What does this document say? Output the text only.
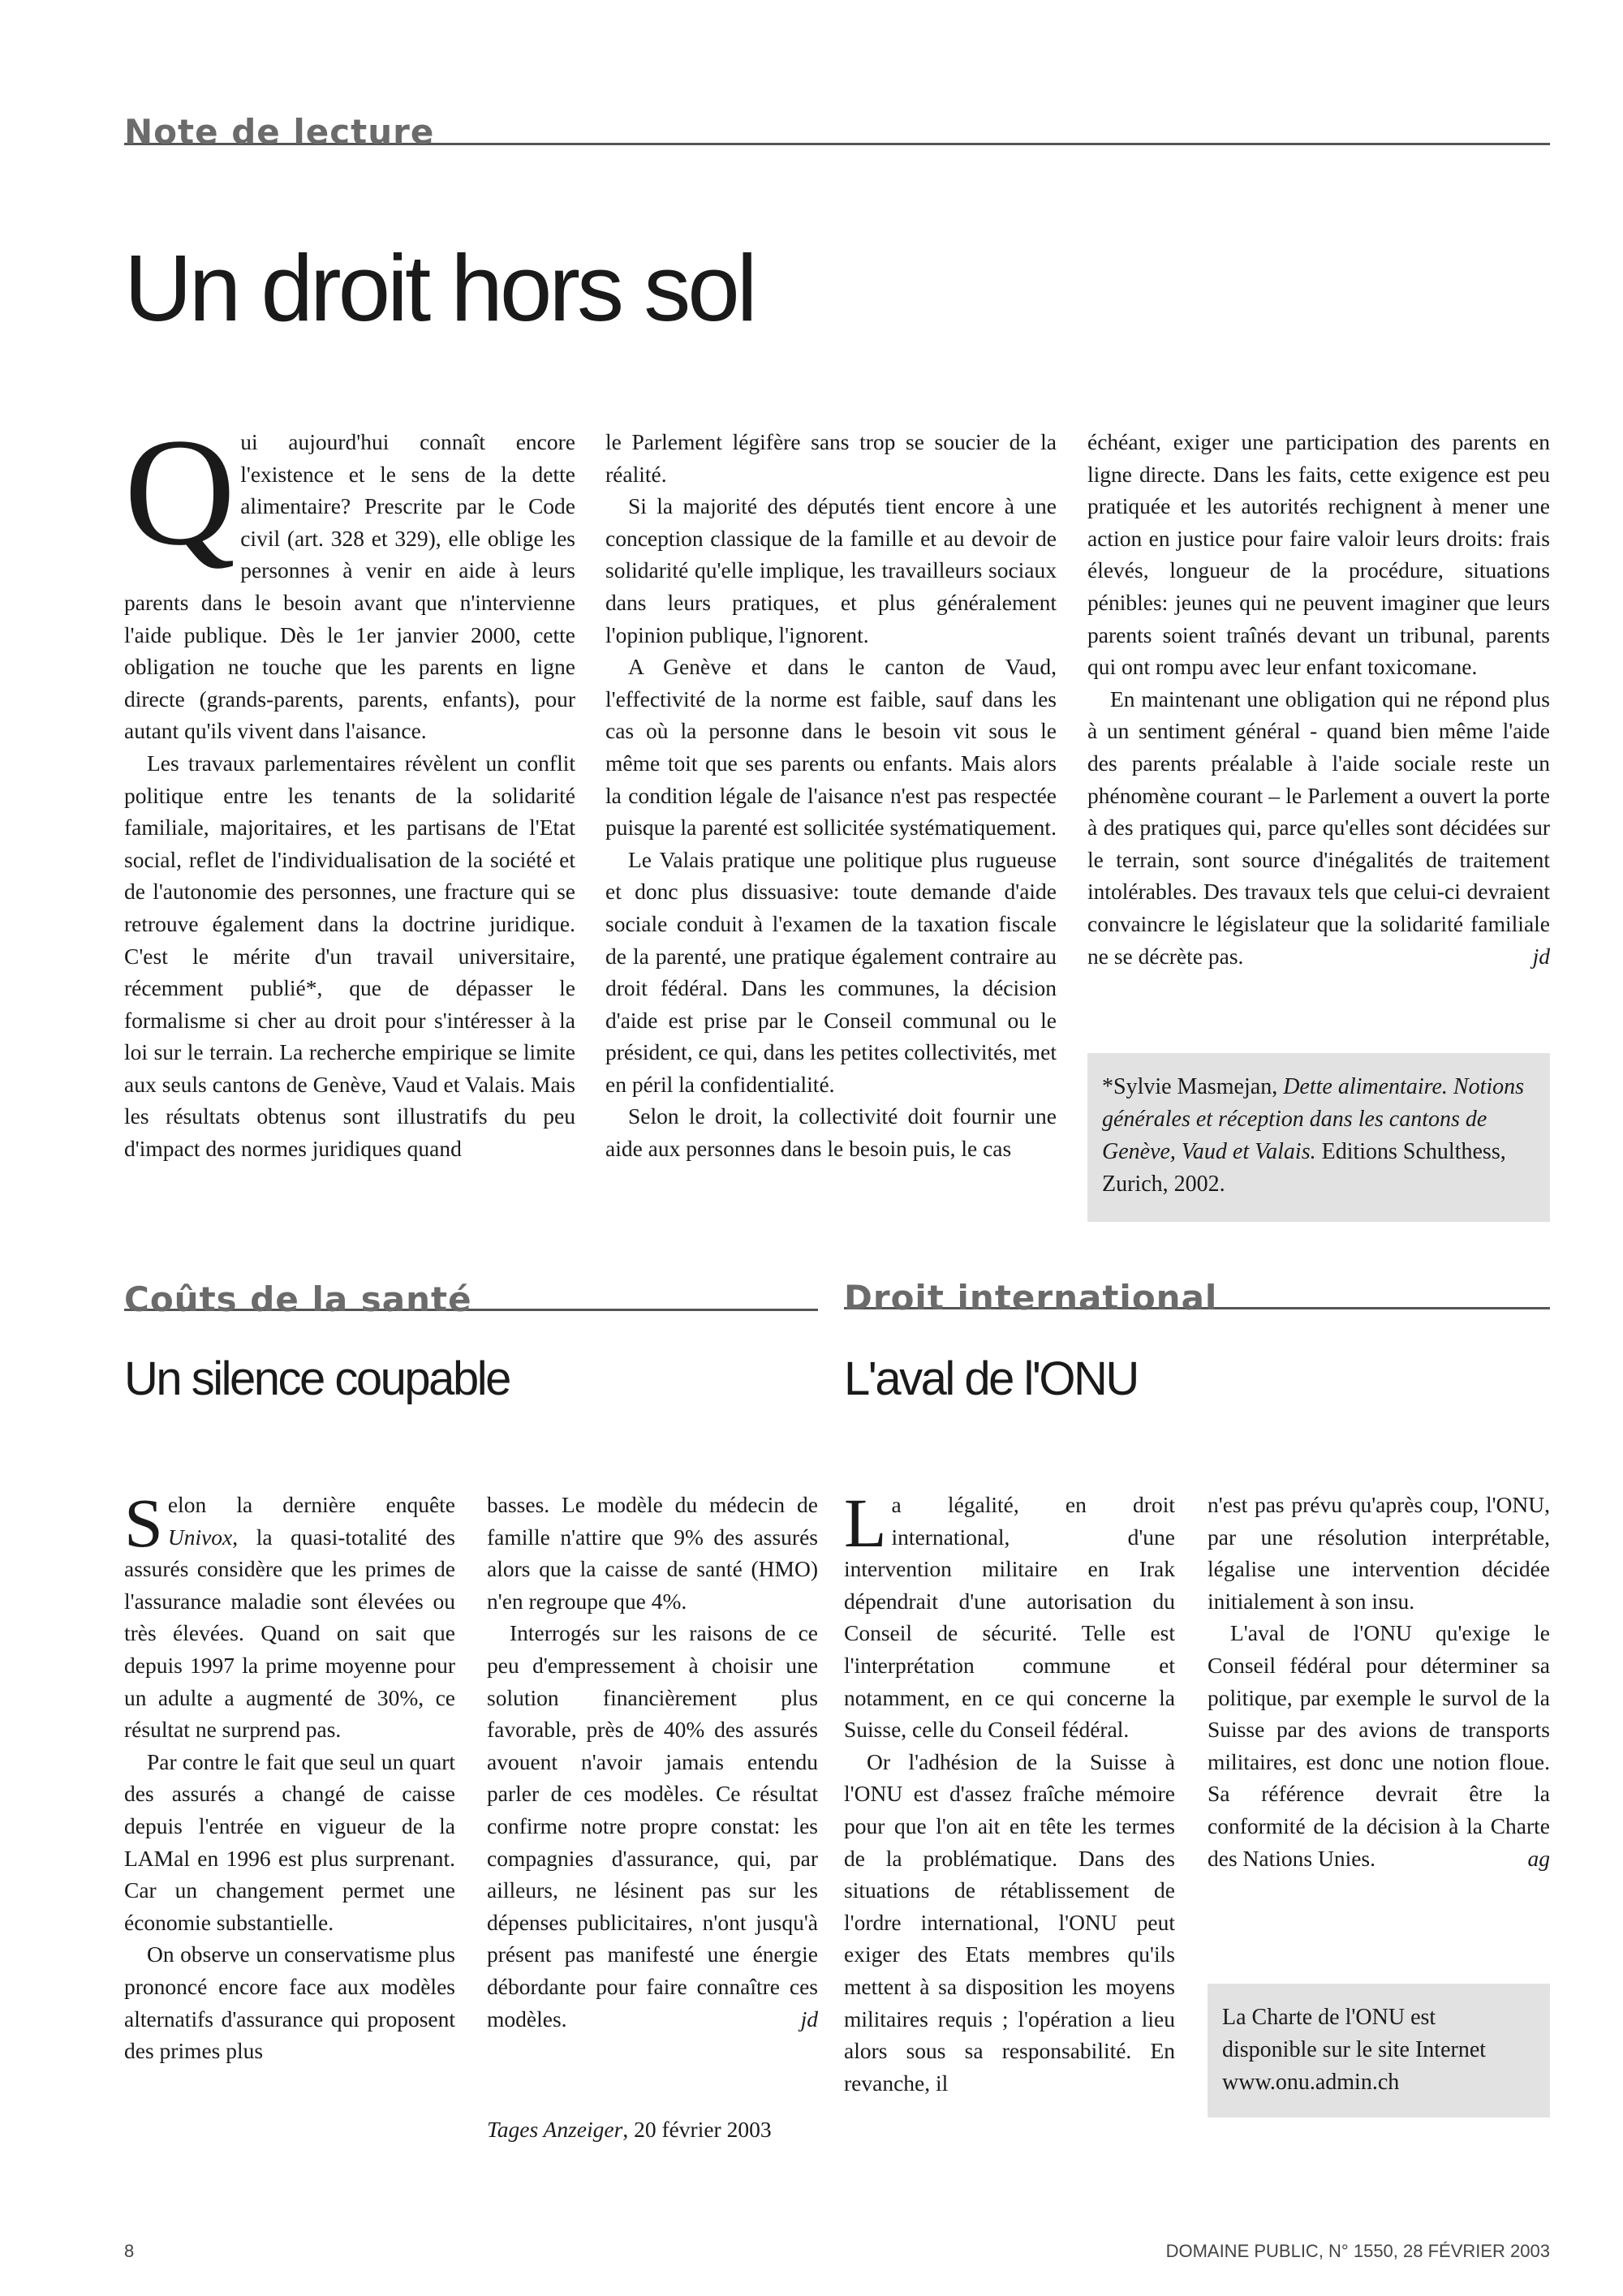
Note de lecture
Un droit hors sol

Qui aujourd'hui connaît encore l'existence et le sens de la dette alimentaire? Prescrite par le Code civil (art. 328 et 329), elle oblige les personnes à venir en aide à leurs parents dans le besoin avant que n'intervienne l'aide publique. Dès le 1er janvier 2000, cette obligation ne touche que les parents en ligne directe (grands-parents, parents, enfants), pour autant qu'ils vivent dans l'aisance.

Les travaux parlementaires révèlent un conflit politique entre les tenants de la solidarité familiale, majoritaires, et les partisans de l'Etat social, reflet de l'individualisation de la société et de l'autonomie des personnes, une fracture qui se retrouve également dans la doctrine juridique. C'est le mérite d'un travail universitaire, récemment publié*, que de dépasser le formalisme si cher au droit pour s'intéresser à la loi sur le terrain. La recherche empirique se limite aux seuls cantons de Genève, Vaud et Valais. Mais les résultats obtenus sont illustratifs du peu d'impact des normes juridiques quand

le Parlement légifère sans trop se soucier de la réalité.

Si la majorité des députés tient encore à une conception classique de la famille et au devoir de solidarité qu'elle implique, les travailleurs sociaux dans leurs pratiques, et plus généralement l'opinion publique, l'ignorent.

A Genève et dans le canton de Vaud, l'effectivité de la norme est faible, sauf dans les cas où la personne dans le besoin vit sous le même toit que ses parents ou enfants. Mais alors la condition légale de l'aisance n'est pas respectée puisque la parenté est sollicitée systématiquement.

Le Valais pratique une politique plus rugueuse et donc plus dissuasive: toute demande d'aide sociale conduit à l'examen de la taxation fiscale de la parenté, une pratique également contraire au droit fédéral. Dans les communes, la décision d'aide est prise par le Conseil communal ou le président, ce qui, dans les petites collectivités, met en péril la confidentialité.

Selon le droit, la collectivité doit fournir une aide aux personnes dans le besoin puis, le cas

échéant, exiger une participation des parents en ligne directe. Dans les faits, cette exigence est peu pratiquée et les autorités rechignent à mener une action en justice pour faire valoir leurs droits: frais élevés, longueur de la procédure, situations pénibles: jeunes qui ne peuvent imaginer que leurs parents soient traînés devant un tribunal, parents qui ont rompu avec leur enfant toxicomane.

En maintenant une obligation qui ne répond plus à un sentiment général - quand bien même l'aide des parents préalable à l'aide sociale reste un phénomène courant – le Parlement a ouvert la porte à des pratiques qui, parce qu'elles sont décidées sur le terrain, sont source d'inégalités de traitement intolérables. Des travaux tels que celui-ci devraient convaincre le législateur que la solidarité familiale ne se décrète pas.	jd

*Sylvie Masmejan, Dette alimentaire. Notions générales et réception dans les cantons de Genève, Vaud et Valais. Editions Schulthess, Zurich, 2002.
Coûts de la santé	Droit international
Un silence coupable	L'aval de l'ONU

Selon la dernière enquête Univox, la quasi-totalité des assurés considère que les primes de l'assurance maladie sont élevées ou très élevées. Quand on sait que depuis 1997 la prime moyenne pour un adulte a augmenté de 30%, ce résultat ne surprend pas.

Par contre le fait que seul un quart des assurés a changé de caisse depuis l'entrée en vigueur de la LAMal en 1996 est plus surprenant. Car un changement permet une économie substantielle.

On observe un conservatisme plus prononcé encore face aux modèles alternatifs d'assurance qui proposent des primes plus

basses. Le modèle du médecin de famille n'attire que 9% des assurés alors que la caisse de santé (HMO) n'en regroupe que 4%.

Interrogés sur les raisons de ce peu d'empressement à choisir une solution financièrement plus favorable, près de 40% des assurés avouent n'avoir jamais entendu parler de ces modèles. Ce résultat confirme notre propre constat: les compagnies d'assurance, qui, par ailleurs, ne lésinent pas sur les dépenses publicitaires, n'ont jusqu'à présent pas manifesté une énergie débordante pour faire connaître ces modèles.	jd

Tages Anzeiger, 20 février 2003

La légalité, en droit international, d'une intervention militaire en Irak dépendrait d'une autorisation du Conseil de sécurité. Telle est l'interprétation commune et notamment, en ce qui concerne la Suisse, celle du Conseil fédéral.

Or l'adhésion de la Suisse à l'ONU est d'assez fraîche mémoire pour que l'on ait en tête les termes de la problématique. Dans des situations de rétablissement de l'ordre international, l'ONU peut exiger des Etats membres qu'ils mettent à sa disposition les moyens militaires requis ; l'opération a lieu alors sous sa responsabilité. En revanche, il

n'est pas prévu qu'après coup, l'ONU, par une résolution interprétable, légalise une intervention décidée initialement à son insu.

L'aval de l'ONU qu'exige le Conseil fédéral pour déterminer sa politique, par exemple le survol de la Suisse par des avions de transports militaires, est donc une notion floue. Sa référence devrait être la conformité de la décision à la Charte des Nations Unies.	ag

La Charte de l'ONU est disponible sur le site Internet www.onu.admin.ch
8	DOMAINE PUBLIC, N° 1550, 28 FÉVRIER 2003
